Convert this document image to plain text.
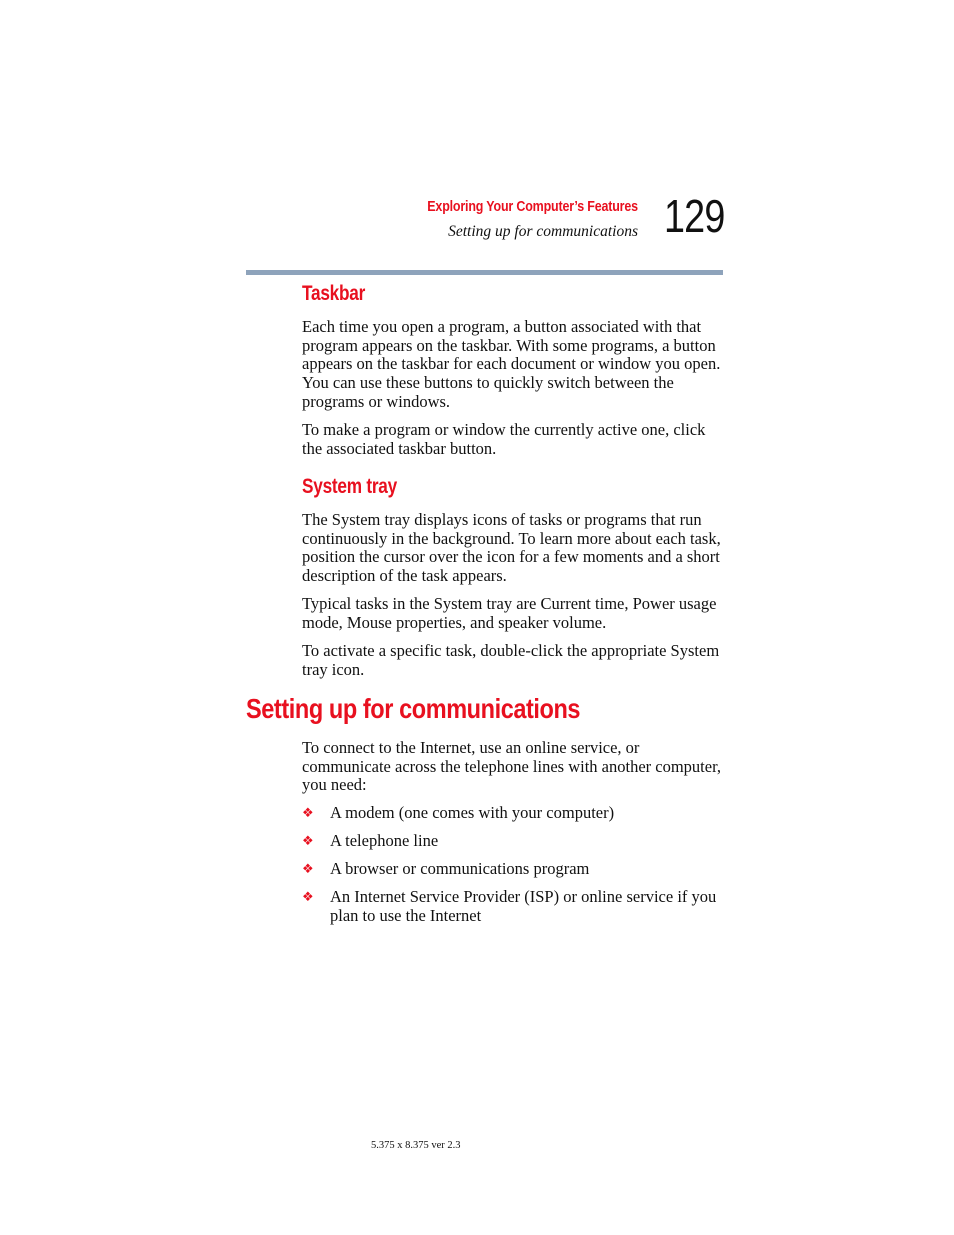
Exploring Your Computer’s Features
Setting up for communications 129
Taskbar

Each time you open a program, a button associated with that program appears on the taskbar. With some programs, a button appears on the taskbar for each document or window you open. You can use these buttons to quickly switch between the programs or windows.

To make a program or window the currently active one, click the associated taskbar button.

System tray

The System tray displays icons of tasks or programs that run continuously in the background. To learn more about each task, position the cursor over the icon for a few moments and a short description of the task appears.

Typical tasks in the System tray are Current time, Power usage mode, Mouse properties, and speaker volume.

To activate a specific task, double-click the appropriate System tray icon.

Setting up for communications

To connect to the Internet, use an online service, or communicate across the telephone lines with another computer, you need:

❖ A modem (one comes with your computer)
❖ A telephone line
❖ A browser or communications program
❖ An Internet Service Provider (ISP) or online service if you plan to use the Internet
5.375 x 8.375 ver 2.3
